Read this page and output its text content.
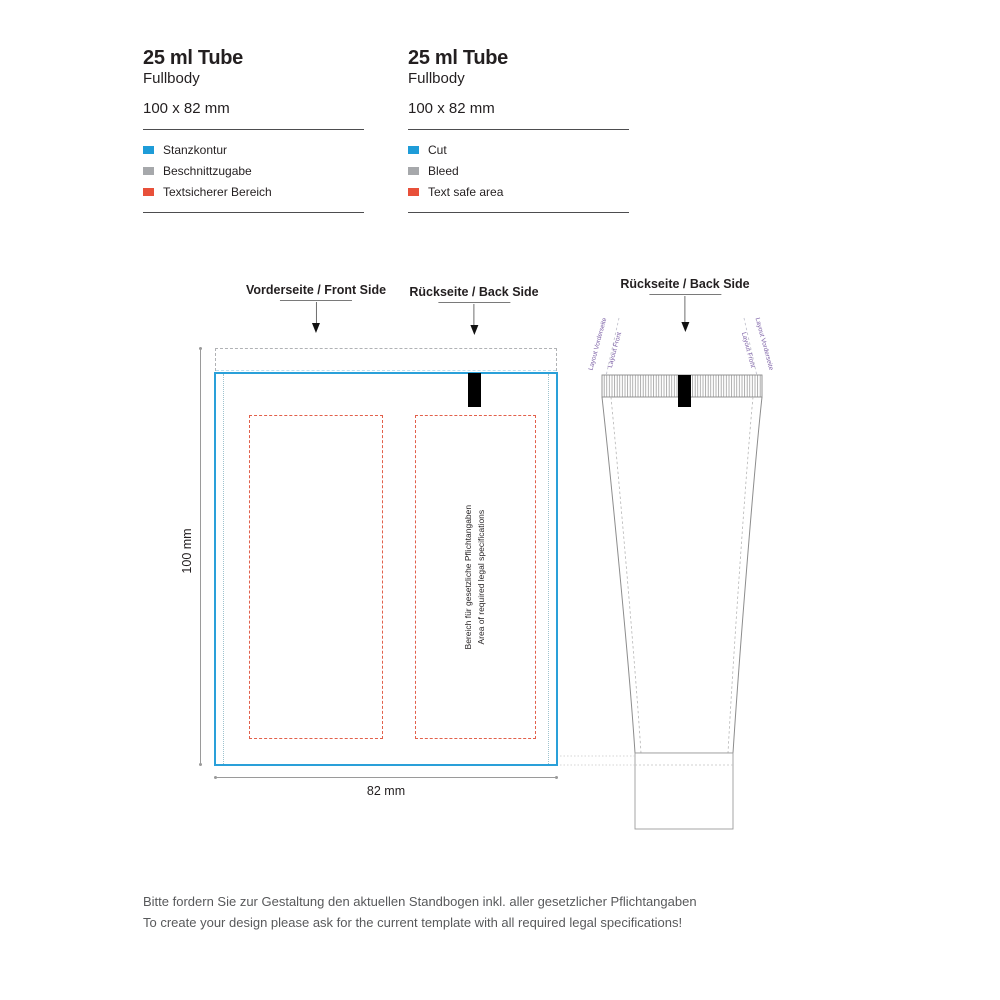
25 ml Tube
Fullbody
100 x 82 mm
Stanzkontur
Beschnittzugabe
Textsicherer Bereich
25 ml Tube
Fullbody
100 x 82 mm
Cut
Bleed
Text safe area
Vorderseite / Front Side Rückseite / Back Side
Rückseite / Back Side
Bereich für gesetzliche Pflichtangaben Area of required legal specifications
100 mm
82 mm
Layout Vorderseite
Layout Front	Layout Front
Layout Vorderseite
Bitte fordern Sie zur Gestaltung den aktuellen Standbogen inkl. aller gesetzlicher Pflichtangaben
To create your design please ask for the current template with all required legal specifications!
